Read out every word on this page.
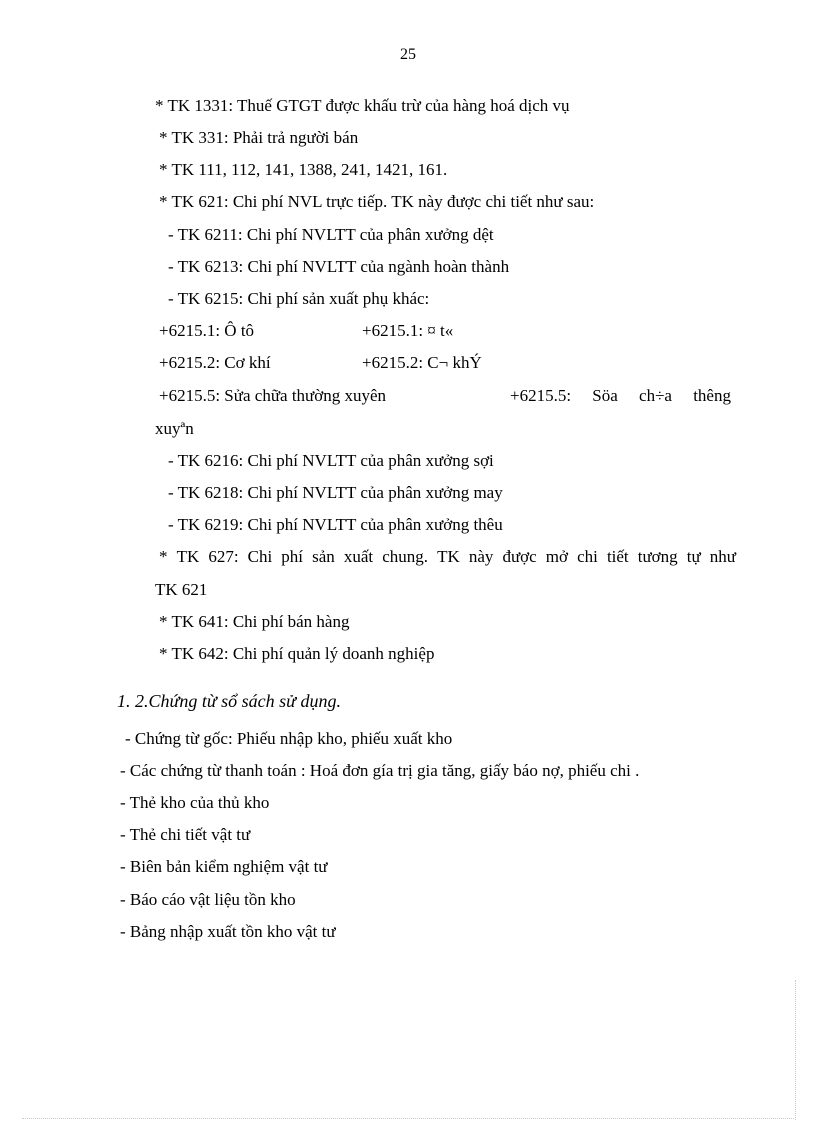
25
* TK 1331: Thuế GTGT được khấu trừ của hàng hoá dịch vụ
* TK 331: Phải trả người bán
* TK 111, 112, 141, 1388, 241, 1421, 161.
* TK 621: Chi phí NVL trực tiếp. TK này được chi tiết như sau:
- TK 6211: Chi phí NVLTT của phân xưởng dệt
- TK 6213: Chi phí NVLTT của ngành hoàn thành
- TK 6215: Chi phí sản xuất phụ khác:
+6215.1: Ô tô	+6215.1: ¤ t«
+6215.2: Cơ khí	+6215.2: C¬ khÝ
+6215.5: Sửa chữa thường xuyên	+6215.5: Söa ch÷a thêng
xuyªn
- TK 6216: Chi phí NVLTT của phân xưởng sợi
- TK 6218: Chi phí NVLTT của phân xưởng may
- TK 6219: Chi phí NVLTT của phân xưởng thêu
* TK 627: Chi phí sản xuất chung. TK này được mở chi tiết tương tự như
TK 621
* TK 641: Chi phí bán hàng
* TK 642: Chi phí quản lý doanh nghiệp
1. 2.Chứng từ sổ sách sử dụng.
- Chứng từ gốc: Phiếu nhập kho, phiếu xuất kho
- Các chứng từ thanh toán : Hoá đơn gía trị gia tăng, giấy báo nợ, phiếu chi .
- Thẻ kho của thủ kho
- Thẻ chi tiết vật tư
- Biên bản kiểm nghiệm vật tư
- Báo cáo vật liệu tồn kho
- Bảng nhập xuất tồn kho vật tư
